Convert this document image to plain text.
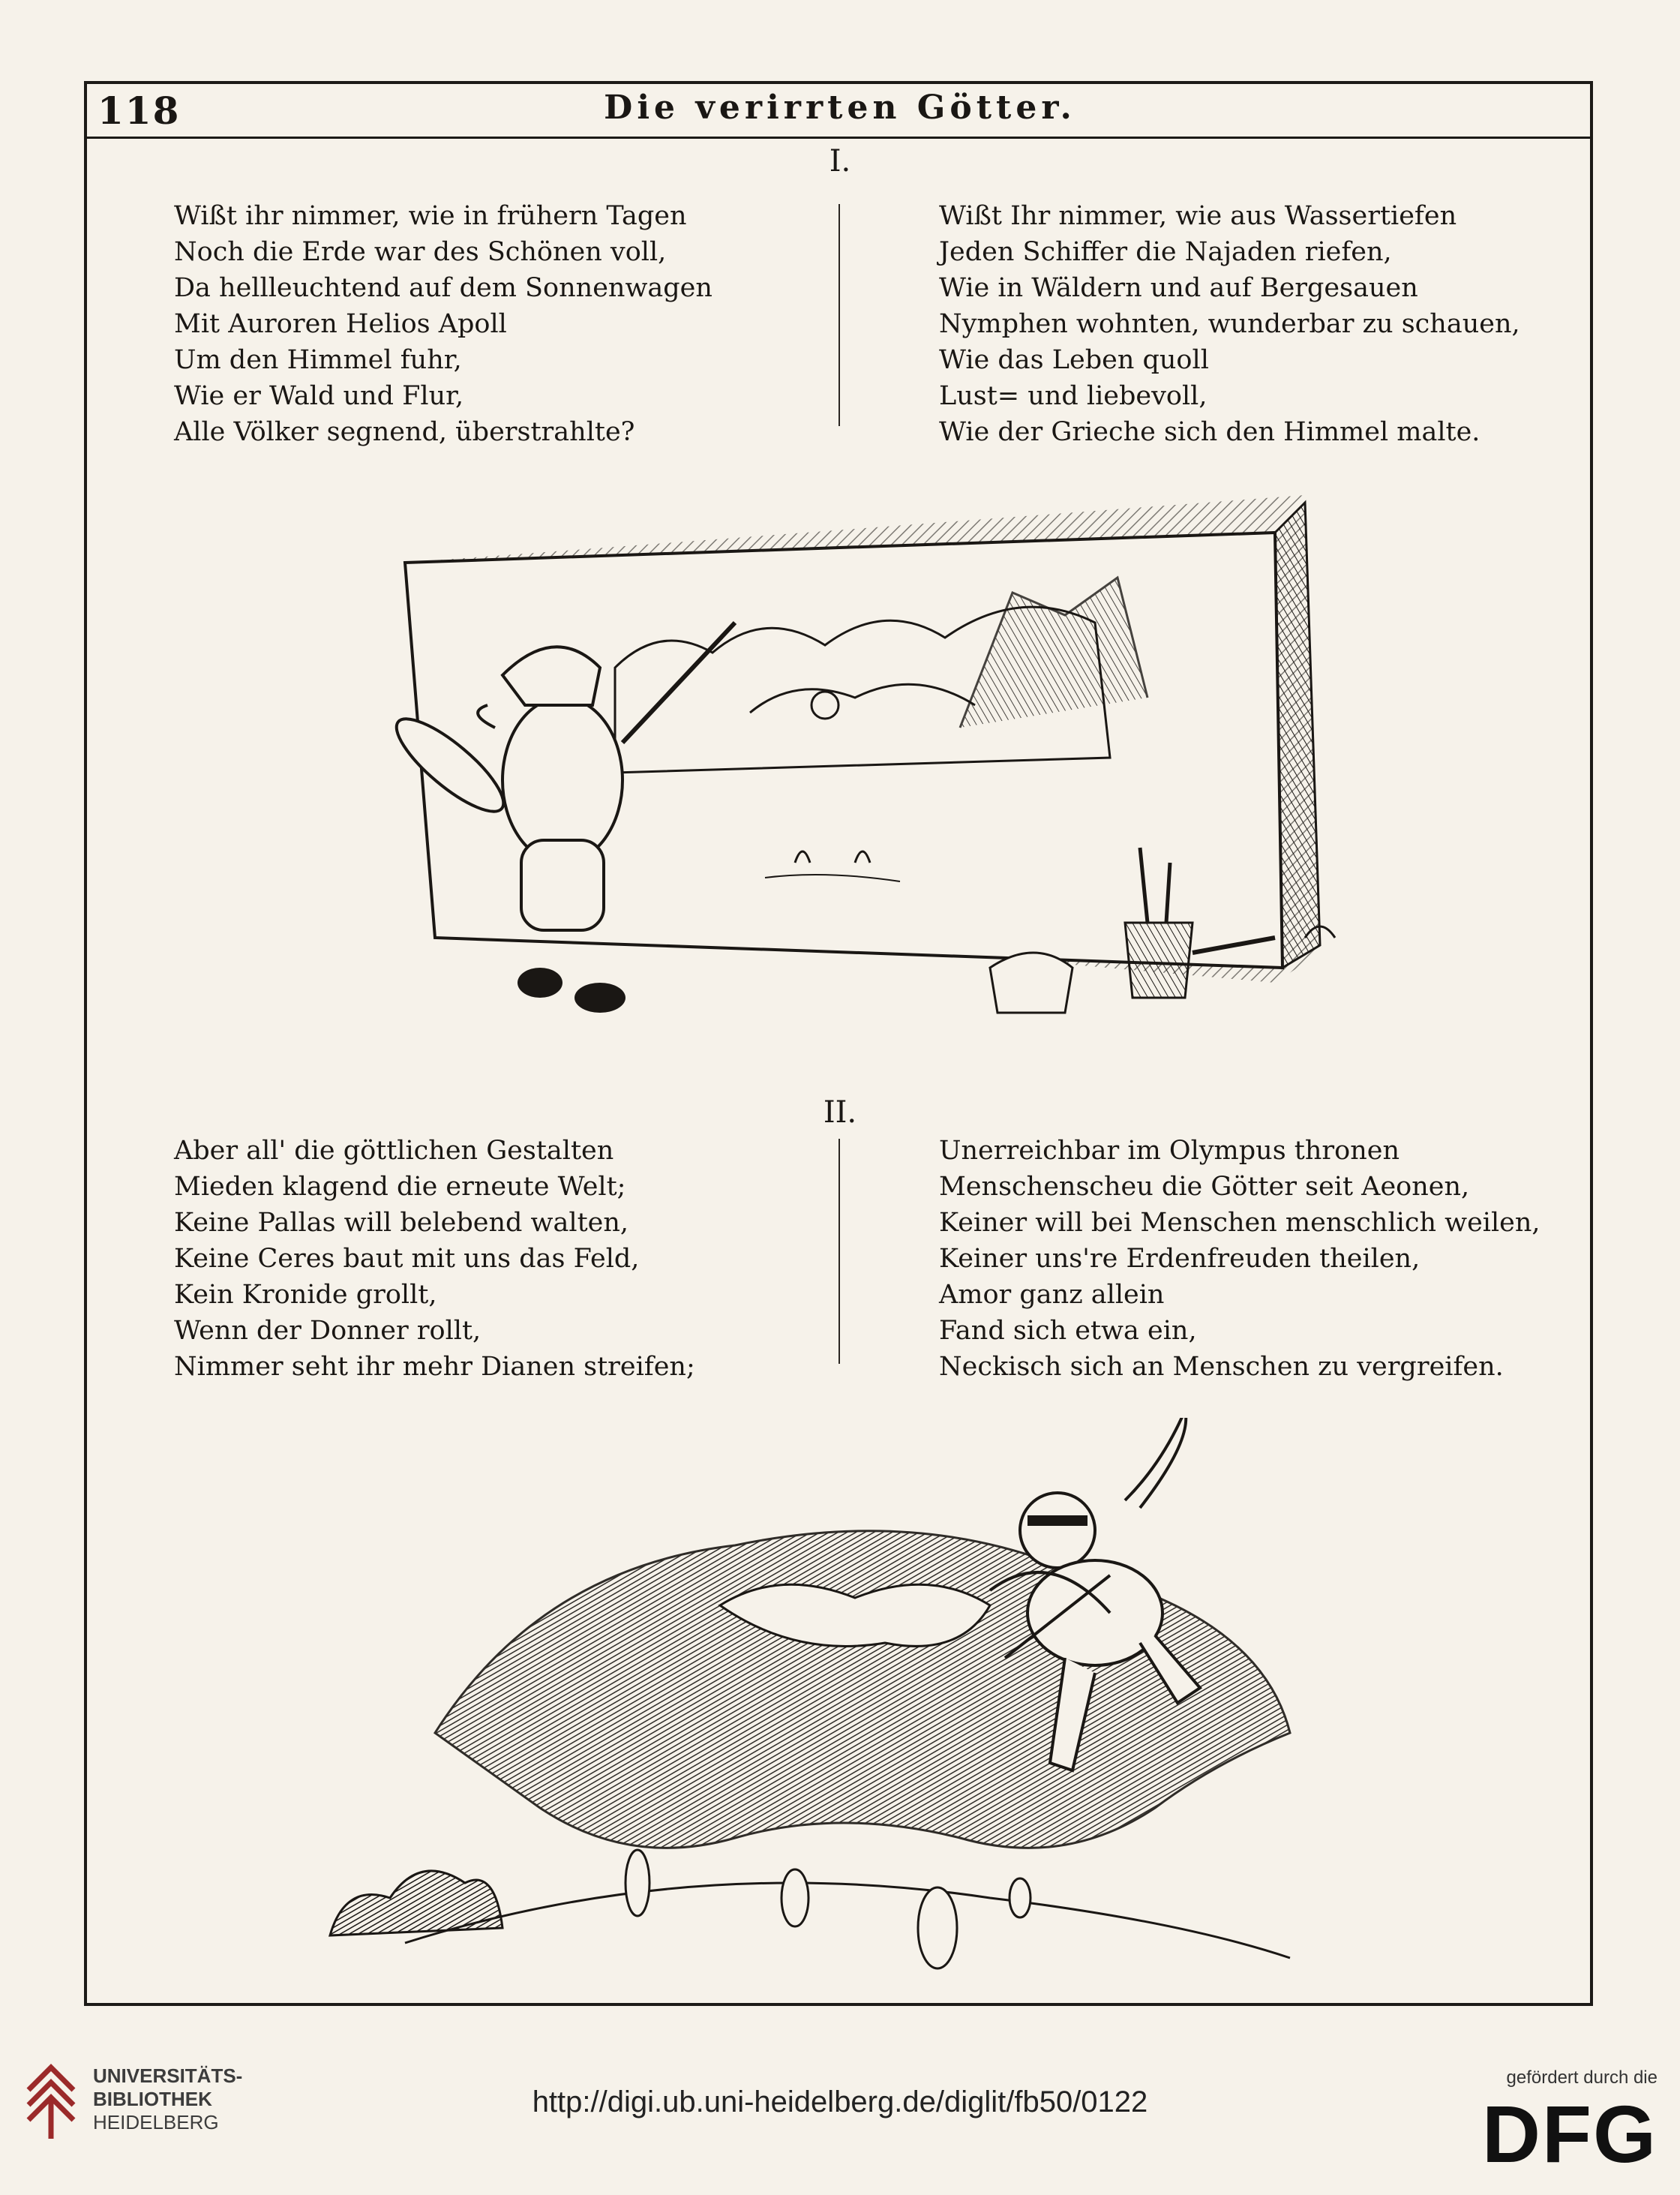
118	Die verirrten Götter.
I.
Wißt ihr nimmer, wie in frühern Tagen
Noch die Erde war des Schönen voll,
Da hellleuchtend auf dem Sonnenwagen
Mit Auroren Helios Apoll
Um den Himmel fuhr,
Wie er Wald und Flur,
Alle Völker segnend, überstrahlte?
Wißt Ihr nimmer, wie aus Wassertiefen
Jeden Schiffer die Najaden riefen,
Wie in Wäldern und auf Bergesauen
Nymphen wohnten, wunderbar zu schauen,
Wie das Leben quoll
Lust= und liebevoll,
Wie der Grieche sich den Himmel malte.
II.
Aber all' die göttlichen Gestalten
Mieden klagend die erneute Welt;
Keine Pallas will belebend walten,
Keine Ceres baut mit uns das Feld,
Kein Kronide grollt,
Wenn der Donner rollt,
Nimmer seht ihr mehr Dianen streifen;
Unerreichbar im Olympus thronen
Menschenscheu die Götter seit Aeonen,
Keiner will bei Menschen menschlich weilen,
Keiner uns're Erdenfreuden theilen,
Amor ganz allein
Fand sich etwa ein,
Neckisch sich an Menschen zu vergreifen.
UNIVERSITÄTS-
BIBLIOTHEK
HEIDELBERG
http://digi.ub.uni-heidelberg.de/diglit/fb50/0122
gefördert durch die
DFG
